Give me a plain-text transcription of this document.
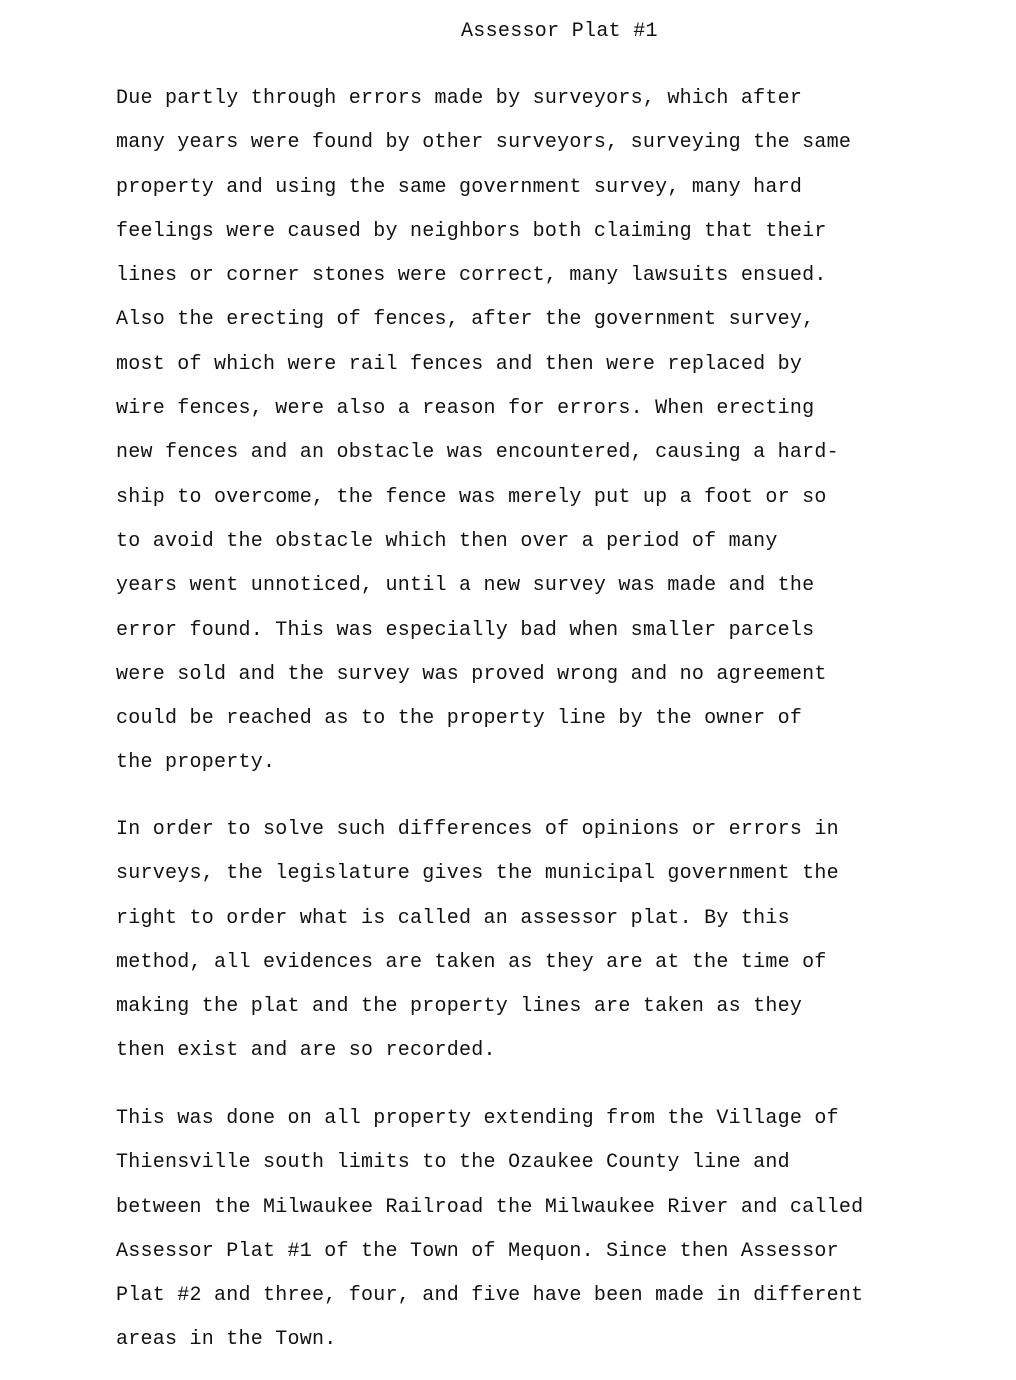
Assessor Plat #1
Due partly through errors made by surveyors, which after
many years were found by other surveyors, surveying the same
property and using the same government survey, many hard
feelings were caused by neighbors both claiming that their
lines or corner stones were correct, many lawsuits ensued.
Also the erecting of fences, after the government survey,
most of which were rail fences and then were replaced by
wire fences, were also a reason for errors. When erecting
new fences and an obstacle was encountered, causing a hard-
ship to overcome, the fence was merely put up a foot or so
to avoid the obstacle which then over a period of many
years went unnoticed, until a new survey was made and the
error found. This was especially bad when smaller parcels
were sold and the survey was proved wrong and no agreement
could be reached as to the property line by the owner of
the property.
In order to solve such differences of opinions or errors in
surveys, the legislature gives the municipal government the
right to order what is called an assessor plat. By this
method, all evidences are taken as they are at the time of
making the plat and the property lines are taken as they
then exist and are so recorded.
This was done on all property extending from the Village of
Thiensville south limits to the Ozaukee County line and
between the Milwaukee Railroad the Milwaukee River and called
Assessor Plat #1 of the Town of Mequon. Since then Assessor
Plat #2 and three, four, and five have been made in different
areas in the Town.
